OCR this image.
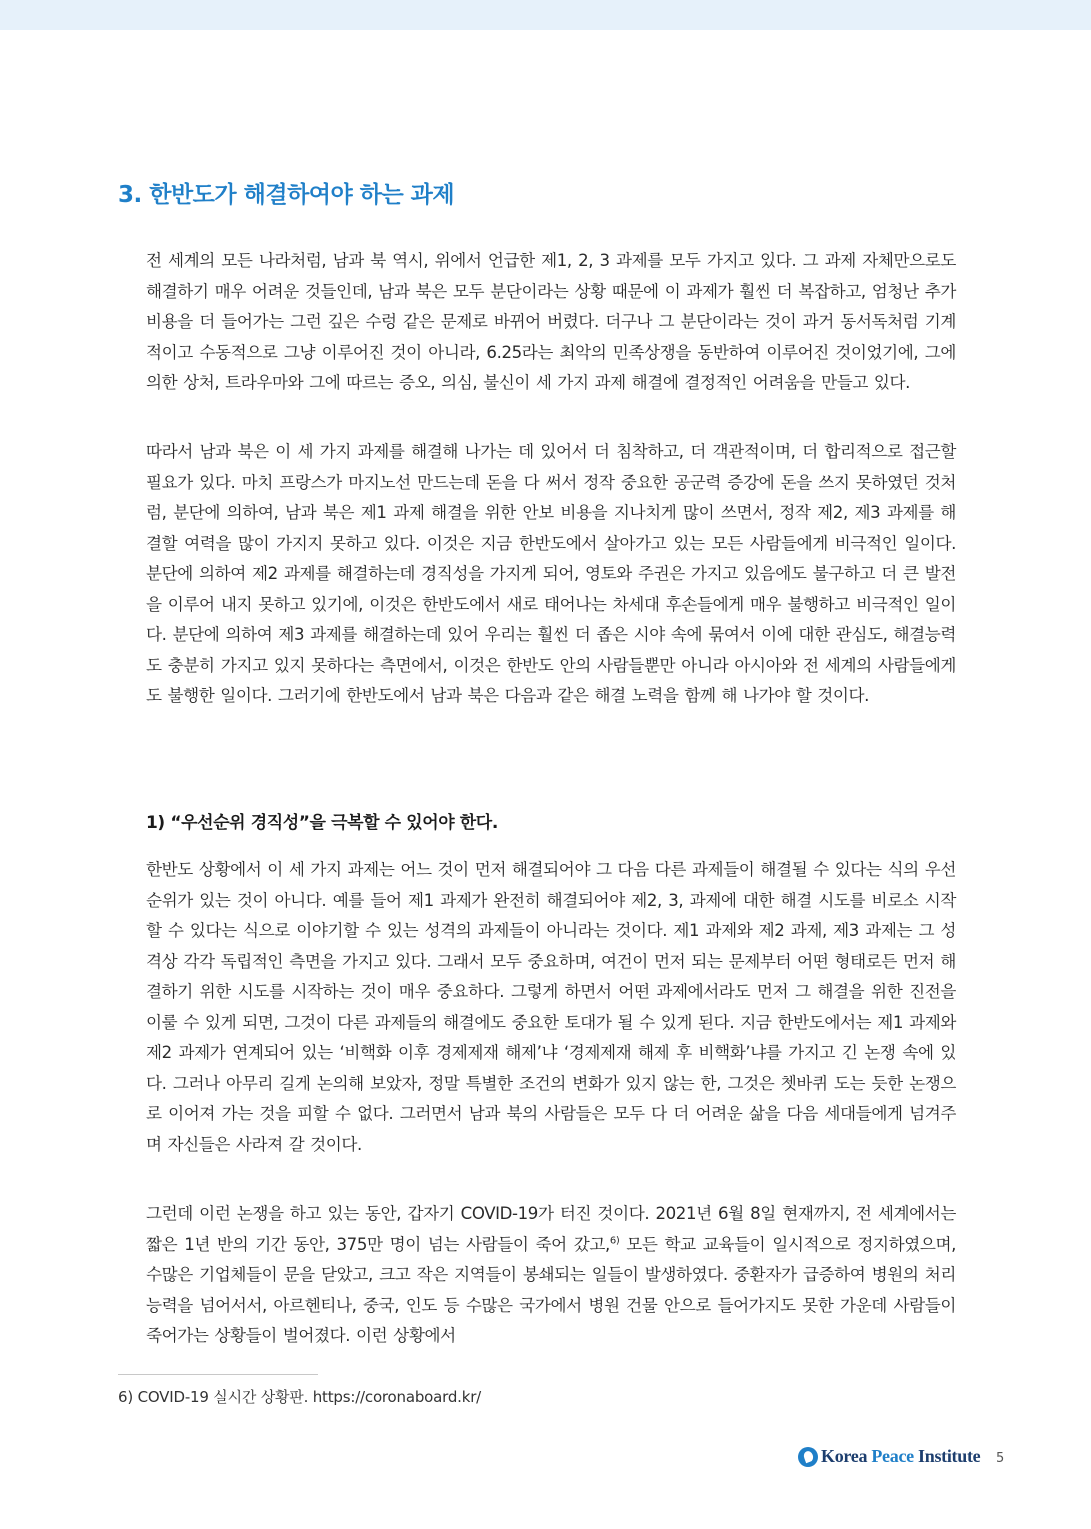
3. 한반도가 해결하여야 하는 과제
전 세계의 모든 나라처럼, 남과 북 역시, 위에서 언급한 제1, 2, 3 과제를 모두 가지고 있다. 그 과제 자체만으로도 해결하기 매우 어려운 것들인데, 남과 북은 모두 분단이라는 상황 때문에 이 과제가 훨씬 더 복잡하고, 엄청난 추가 비용을 더 들어가는 그런 깊은 수렁 같은 문제로 바뀌어 버렸다. 더구나 그 분단이라는 것이 과거 동서독처럼 기계적이고 수동적으로 그냥 이루어진 것이 아니라, 6.25라는 최악의 민족상쟁을 동반하여 이루어진 것이었기에, 그에 의한 상처, 트라우마와 그에 따르는 증오, 의심, 불신이 세 가지 과제 해결에 결정적인 어려움을 만들고 있다.
따라서 남과 북은 이 세 가지 과제를 해결해 나가는 데 있어서 더 침착하고, 더 객관적이며, 더 합리적으로 접근할 필요가 있다. 마치 프랑스가 마지노선 만드는데 돈을 다 써서 정작 중요한 공군력 증강에 돈을 쓰지 못하였던 것처럼, 분단에 의하여, 남과 북은 제1 과제 해결을 위한 안보 비용을 지나치게 많이 쓰면서, 정작 제2, 제3 과제를 해결할 여력을 많이 가지지 못하고 있다. 이것은 지금 한반도에서 살아가고 있는 모든 사람들에게 비극적인 일이다. 분단에 의하여 제2 과제를 해결하는데 경직성을 가지게 되어, 영토와 주권은 가지고 있음에도 불구하고 더 큰 발전을 이루어 내지 못하고 있기에, 이것은 한반도에서 새로 태어나는 차세대 후손들에게 매우 불행하고 비극적인 일이다. 분단에 의하여 제3 과제를 해결하는데 있어 우리는 훨씬 더 좁은 시야 속에 묶여서 이에 대한 관심도, 해결능력도 충분히 가지고 있지 못하다는 측면에서, 이것은 한반도 안의 사람들뿐만 아니라 아시아와 전 세계의 사람들에게도 불행한 일이다. 그러기에 한반도에서 남과 북은 다음과 같은 해결 노력을 함께 해 나가야 할 것이다.
1) “우선순위 경직성”을 극복할 수 있어야 한다.
한반도 상황에서 이 세 가지 과제는 어느 것이 먼저 해결되어야 그 다음 다른 과제들이 해결될 수 있다는 식의 우선순위가 있는 것이 아니다. 예를 들어 제1 과제가 완전히 해결되어야 제2, 3, 과제에 대한 해결 시도를 비로소 시작할 수 있다는 식으로 이야기할 수 있는 성격의 과제들이 아니라는 것이다. 제1 과제와 제2 과제, 제3 과제는 그 성격상 각각 독립적인 측면을 가지고 있다. 그래서 모두 중요하며, 여건이 먼저 되는 문제부터 어떤 형태로든 먼저 해결하기 위한 시도를 시작하는 것이 매우 중요하다. 그렇게 하면서 어떤 과제에서라도 먼저 그 해결을 위한 진전을 이룰 수 있게 되면, 그것이 다른 과제들의 해결에도 중요한 토대가 될 수 있게 된다. 지금 한반도에서는 제1 과제와 제2 과제가 연계되어 있는 ‘비핵화 이후 경제제재 해제’냐 ‘경제제재 해제 후 비핵화’냐를 가지고 긴 논쟁 속에 있다. 그러나 아무리 길게 논의해 보았자, 정말 특별한 조건의 변화가 있지 않는 한, 그것은 쳇바퀴 도는 듯한 논쟁으로 이어져 가는 것을 피할 수 없다. 그러면서 남과 북의 사람들은 모두 다 더 어려운 삶을 다음 세대들에게 넘겨주며 자신들은 사라져 갈 것이다.
그런데 이런 논쟁을 하고 있는 동안, 갑자기 COVID-19가 터진 것이다. 2021년 6월 8일 현재까지, 전 세계에서는 짧은 1년 반의 기간 동안, 375만 명이 넘는 사람들이 죽어 갔고,$^{6)}$ 모든 학교 교육들이 일시적으로 정지하였으며, 수많은 기업체들이 문을 닫았고, 크고 작은 지역들이 봉쇄되는 일들이 발생하였다. 중환자가 급증하여 병원의 처리능력을 넘어서서, 아르헨티나, 중국, 인도 등 수많은 국가에서 병원 건물 안으로 들어가지도 못한 가운데 사람들이 죽어가는 상황들이 벌어졌다. 이런 상황에서
6) COVID-19 실시간 상황판. https://coronaboard.kr/
Korea Peace Institute 5
